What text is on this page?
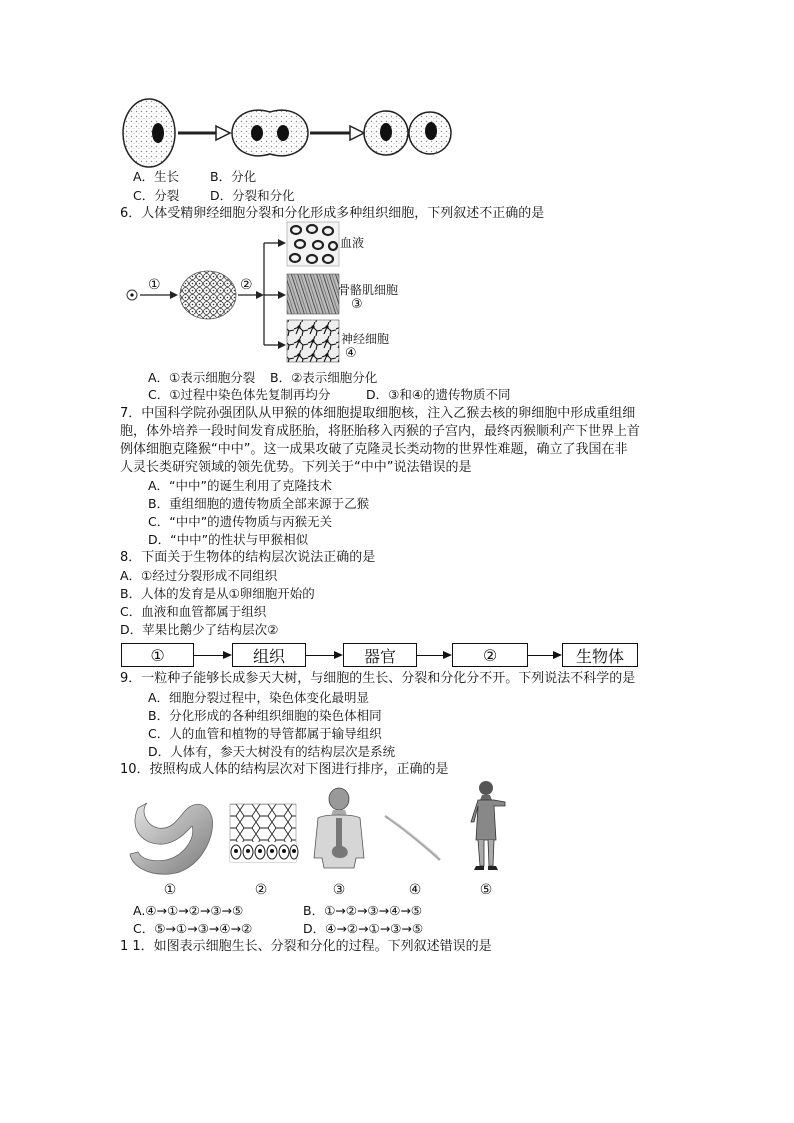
A．生长 B．分化
C．分裂 D．分裂和分化
6．人体受精卵经细胞分裂和分化形成多种组织细胞，下列叙述不正确的是
①	②
血液
骨骼肌细胞
③
神经细胞
④
A．①表示细胞分裂 B．②表示细胞分化
C．①过程中染色体先复制再均分	D．③和④的遗传物质不同
7．中国科学院孙强团队从甲猴的体细胞提取细胞核，注入乙猴去核的卵细胞中形成重组细
胞，体外培养一段时间发育成胚胎，将胚胎移入丙猴的子宫内，最终丙猴顺利产下世界上首
例体细胞克隆猴“中中”。这一成果攻破了克隆灵长类动物的世界性难题，确立了我国在非
人灵长类研究领域的领先优势。下列关于“中中”说法错误的是
A．“中中”的诞生利用了克隆技术
B．重组细胞的遗传物质全部来源于乙猴
C．“中中”的遗传物质与丙猴无关
D．“中中”的性状与甲猴相似
8．下面关于生物体的结构层次说法正确的是
A．①经过分裂形成不同组织
B．人体的发育是从①卵细胞开始的
C．血液和血管都属于组织
D．苹果比鹅少了结构层次②
①	组织	器官	②	生物体
9．一粒种子能够长成参天大树，与细胞的生长、分裂和分化分不开。下列说法不科学的是
A．细胞分裂过程中，染色体变化最明显
B．分化形成的各种组织细胞的染色体相同
C．人的血管和植物的导管都属于输导组织
D．人体有，参天大树没有的结构层次是系统
10．按照构成人体的结构层次对下图进行排序，正确的是
①	②	③	④	⑤
A.④→①→②→③→⑤	B．①→②→③→④→⑤
C．⑤→①→③→④→②	D．④→②→①→③→⑤
1 1．如图表示细胞生长、分裂和分化的过程。下列叙述错误的是
